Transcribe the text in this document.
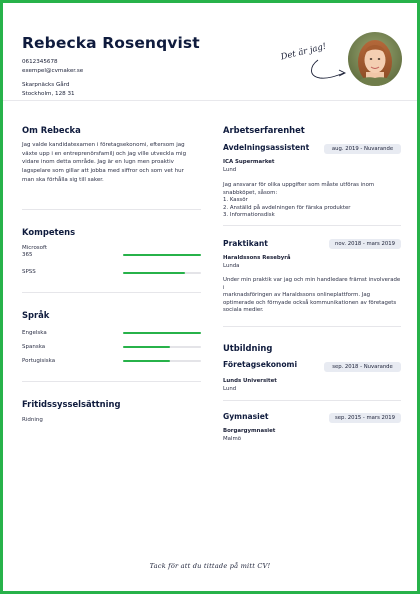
Rebecka Rosenqvist
0612345678
exempel@cvmaker.se
Skarpnäcks Gård
Stockholm, 128 31
Det är jag!
Om Rebecka
Jag valde kandidatexamen i företagsekonomi, eftersom jag
växte upp i en entreprenörsfamilj och jag ville utveckla mig
vidare inom detta område. Jag är en lugn men proaktiv
lagspelare som gillar att jobba med siffror och som vet hur
man ska förhålla sig till saker.
Kompetens
Microsoft
365
SPSS
Språk
Engelska
Spanska
Portugisiska
Fritidssysselsättning
Ridning
Arbetserfarenhet
Avdelningsassistent	aug. 2019 - Nuvarande
ICA Supermarket
Lund
Jag ansvarar för olika uppgifter som måste utföras inom
snabbköpet, såsom:
1. Kassör
2. Anställd på avdelningen för färska produkter
3. Informationsdisk
Praktikant	nov. 2018 - mars 2019
Haraldssons Resebyrå
Lunda
Under min praktik var jag och min handledare främst involverade i
marknadsföringen av Haraldssons onlineplattform. Jag
optimerade och förnyade också kommunikationen av företagets
sociala medier.
Utbildning
Företagsekonomi	sep. 2018 - Nuvarande
Lunds Universitet
Lund
Gymnasiet	sep. 2015 - mars 2019
Borgargymnasiet
Malmö
Tack för att du tittade på mitt CV!
